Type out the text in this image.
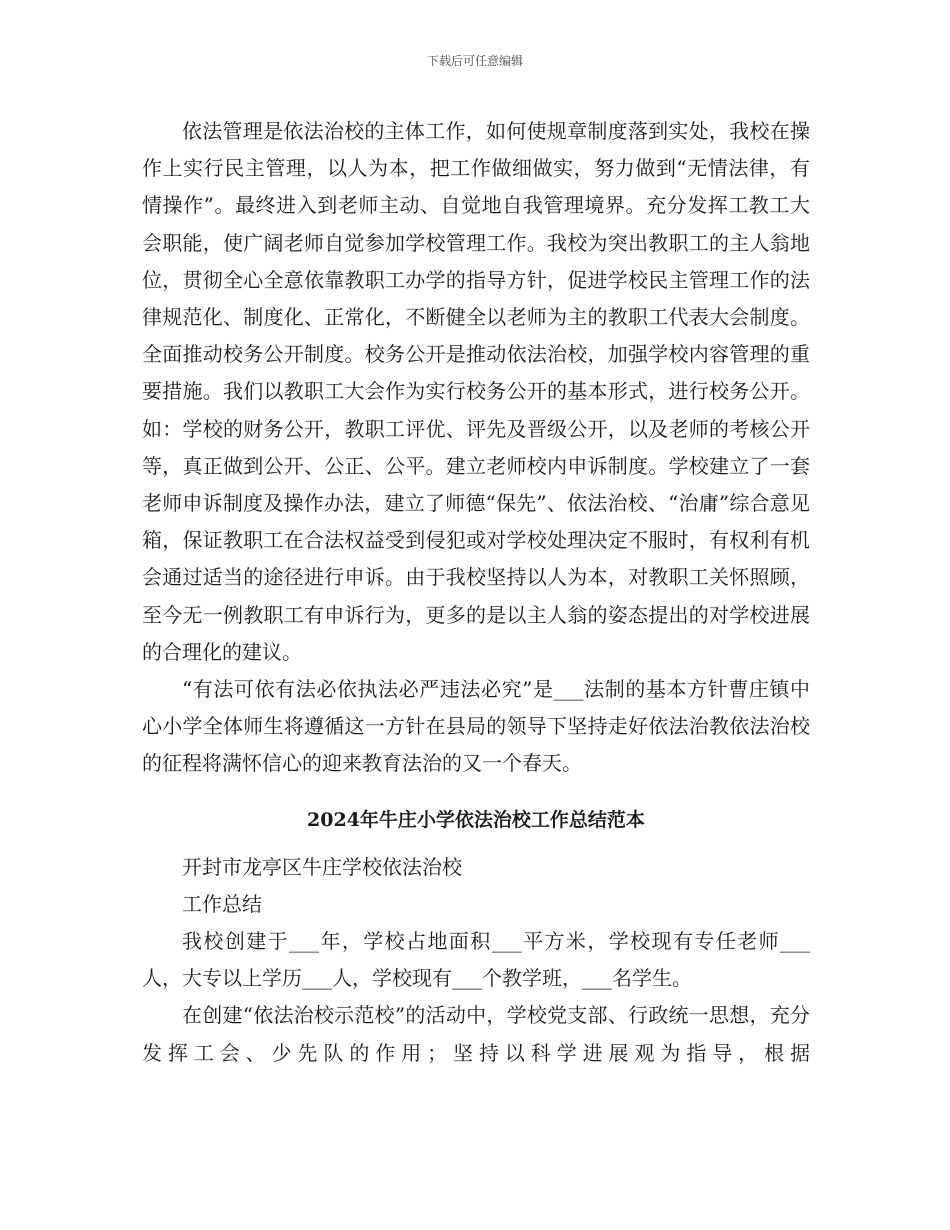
下载后可任意编辑

依法管理是依法治校的主体工作，如何使规章制度落到实处，我校在操作上实行民主管理，以人为本，把工作做细做实，努力做到“无情法律，有情操作”。最终进入到老师主动、自觉地自我管理境界。充分发挥工教工大会职能，使广阔老师自觉参加学校管理工作。我校为突出教职工的主人翁地位，贯彻全心全意依靠教职工办学的指导方针，促进学校民主管理工作的法律规范化、制度化、正常化，不断健全以老师为主的教职工代表大会制度。全面推动校务公开制度。校务公开是推动依法治校，加强学校内容管理的重要措施。我们以教职工大会作为实行校务公开的基本形式，进行校务公开。如：学校的财务公开，教职工评优、评先及晋级公开，以及老师的考核公开等，真正做到公开、公正、公平。建立老师校内申诉制度。学校建立了一套老师申诉制度及操作办法，建立了师德“保先”、依法治校、“治庸”综合意见箱，保证教职工在合法权益受到侵犯或对学校处理决定不服时，有权利有机会通过适当的途径进行申诉。由于我校坚持以人为本，对教职工关怀照顾，至今无一例教职工有申诉行为，更多的是以主人翁的姿态提出的对学校进展的合理化的建议。

“有法可依有法必依执法必严违法必究”是___法制的基本方针曹庄镇中心小学全体师生将遵循这一方针在县局的领导下坚持走好依法治教依法治校的征程将满怀信心的迎来教育法治的又一个春天。

2024年牛庄小学依法治校工作总结范本

开封市龙亭区牛庄学校依法治校

工作总结

我校创建于___年，学校占地面积___平方米，学校现有专任老师___人，大专以上学历___人，学校现有___个教学班，___名学生。

在创建“依法治校示范校”的活动中，学校党支部、行政统一思想，充分发挥工会、少先队的作用；坚持以科学进展观为指导，根据
